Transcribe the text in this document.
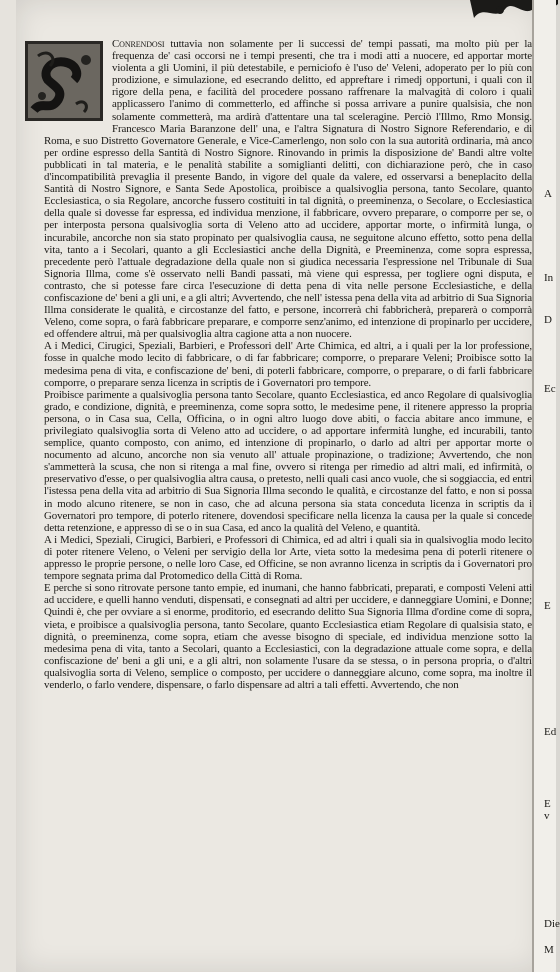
Conrendosi tuttavia non solamente per li successi de' tempi passati, ma molto più per la frequenza de' casi occorsi ne i tempi presenti, che tra i modi atti a nuocere, ed apportar morte violenta a gli Uomini, il più detestabile, e perniciofo è l'uso de' Veleni, adoperato per lo più con prodizione, e simulazione, ed esecrando delitto, ed appreftare i rimedj opportuni, i quali con il rigore della pena, e facilità del procedere possano raffrenare la malvagità di coloro i quali applicassero l'animo di commetterlo, ed affinche si possa arrivare a punire qualsisia, che non solamente commetterà, ma ardirà d'attentare una tal sceleragine. Perciò l'Illmo, Rmo Monsig. Francesco Maria Baranzone dell' una, e l'altra Signatura di Nostro Signore Referendario, e di Roma, e suo Distretto Governatore Generale, e Vice-Camerlengo, non solo con la sua autorità ordinaria, mà anco per ordine espresso della Santità di Nostro Signore. Rinovando in primis la disposizione de' Bandi altre volte pubblicati in tal materia, e le penalità stabilite a somiglianti delitti, con dichiarazione però, che in caso d'incompatibilità prevaglia il presente Bando, in vigore del quale da valere, ed osservarsi a beneplacito della Santità di Nostro Signore, e Santa Sede Apostolica, proibisce a qualsivoglia persona, tanto Secolare, quanto Ecclesiastica, o sia Regolare, ancorche fussero costituiti in tal dignità, o preeminenza, o Secolare, o Ecclesiastica della quale si dovesse far espressa, ed individua menzione, il fabbricare, ovvero preparare, o comporre per se, o per interposta persona qualsivoglia sorta di Veleno atto ad uccidere, apportar morte, o infirmità lunga, o incurabile, ancorche non sia stato propinato per qualsivoglia causa, ne seguitone alcuno effetto, sotto pena della vita, tanto a i Secolari, quanto a gli Ecclesiastici anche della Dignità, e Preeminenza, come sopra espressa, precedente però l'attuale degradazione della quale non si giudica necessaria l'espressione nel Tribunale di Sua Signoria Illma, come s'è osservato nelli Bandi passati, mà viene qui espressa, per togliere ogni disputa, e contrasto, che si potesse fare circa l'esecuzione di detta pena di vita nelle persone Ecclesiastiche, e della confiscazione de' beni a gli uni, e a gli altri; Avvertendo, che nell' istessa pena della vita ad arbitrio di Sua Signoria Illma considerate le qualità, e circostanze del fatto, e persone, incorrerà chi fabbricherà, preparerà o comporrà Veleno, come sopra, o farà fabbricare preparare, e comporre senz'animo, ed intenzione di propinarlo per uccidere, ed offendere altrui, mà per qualsivoglia altra cagione atta a non nuocere.

A i Medici, Cirugici, Speziali, Barbieri, e Professori dell' Arte Chimica, ed altri, a i quali per la lor professione, fosse in qualche modo lecito di fabbricare, o di far fabbricare; comporre, o preparare Veleni; Proibisce sotto la medesima pena di vita, e confiscazione de' beni, di poterli fabbricare, comporre, o preparare, o di farli fabbricare comporre, o preparare senza licenza in scriptis de i Governatori pro tempore.

Proibisce parimente a qualsivoglia persona tanto Secolare, quanto Ecclesiastica, ed anco Regolare di qualsivoglia grado, e condizione, dignità, e preeminenza, come sopra sotto, le medesime pene, il ritenere appresso la propria persona, o in Casa sua, Cella, Officina, o in ogni altro luogo dove abiti, o faccia abitare anco immune, e privilegiato qualsivoglia sorta di Veleno atto ad uccidere, o ad apportare infermità lunghe, ed incurabili, tanto semplice, quanto composto, con animo, ed intenzione di propinarlo, o darlo ad altri per apportar morte o nocumento ad alcuno, ancorche non sia venuto all' attuale propinazione, o tradizione; Avvertendo, che non s'ammetterà la scusa, che non si ritenga a mal fine, ovvero si ritenga per rimedio ad altri mali, ed infirmità, o preservativo d'esse, o per qualsivoglia altra causa, o pretesto, nelli quali casi anco vuole, che si soggiaccia, ed entri l'istessa pena della vita ad arbitrio di Sua Signoria Illma secondo le qualità, e circostanze del fatto, e non si possa in modo alcuno ritenere, se non in caso, che ad alcuna persona sia stata conceduta licenza in scriptis da i Governatori pro tempore, di poterlo ritenere, dovendosi specificare nella licenza la causa per la quale si concede detta retenzione, e appresso di se o in sua Casa, ed anco la qualità del Veleno, e quantità.

A i Medici, Speziali, Cirugici, Barbieri, e Professori di Chimica, ed ad altri i quali sia in qualsivoglia modo lecito di poter ritenere Veleno, o Veleni per servigio della lor Arte, vieta sotto la medesima pena di poterli ritenere o appresso le proprie persone, o nelle loro Case, ed Officine, se non avranno licenza in scriptis da i Governatori pro tempore segnata prima dal Protomedico della Città di Roma.

E perche si sono ritrovate persone tanto empie, ed inumani, che hanno fabbricati, preparati, e composti Veleni atti ad uccidere, e quelli hanno venduti, dispensati, e consegnati ad altri per uccidere, e danneggiare Uomini, e Donne; Quindi è, che per ovviare a sì enorme, proditorio, ed esecrando delitto Sua Signoria Illma d'ordine come di sopra, vieta, e proibisce a qualsivoglia persona, tanto Secolare, quanto Ecclesiastica etiam Regolare di qualsisia stato, e dignità, o preeminenza, come sopra, etiam che avesse bisogno di speciale, ed individua menzione sotto la medesima pena di vita, tanto a Secolari, quanto a Ecclesiastici, con la degradazione attuale come sopra, e della confiscazione de' beni a gli uni, e a gli altri, non solamente l'usare da se stessa, o in persona propria, o d'altri qualsivoglia sorta di Veleno, semplice o composto, per uccidere o danneggiare alcuno, come sopra, ma inoltre il venderlo, o farlo vendere, dispensare, o farlo dispensare ad altri a tali effetti. Avvertendo, che non

A
In
D
Ec
E
Ed
E v
Die
M
